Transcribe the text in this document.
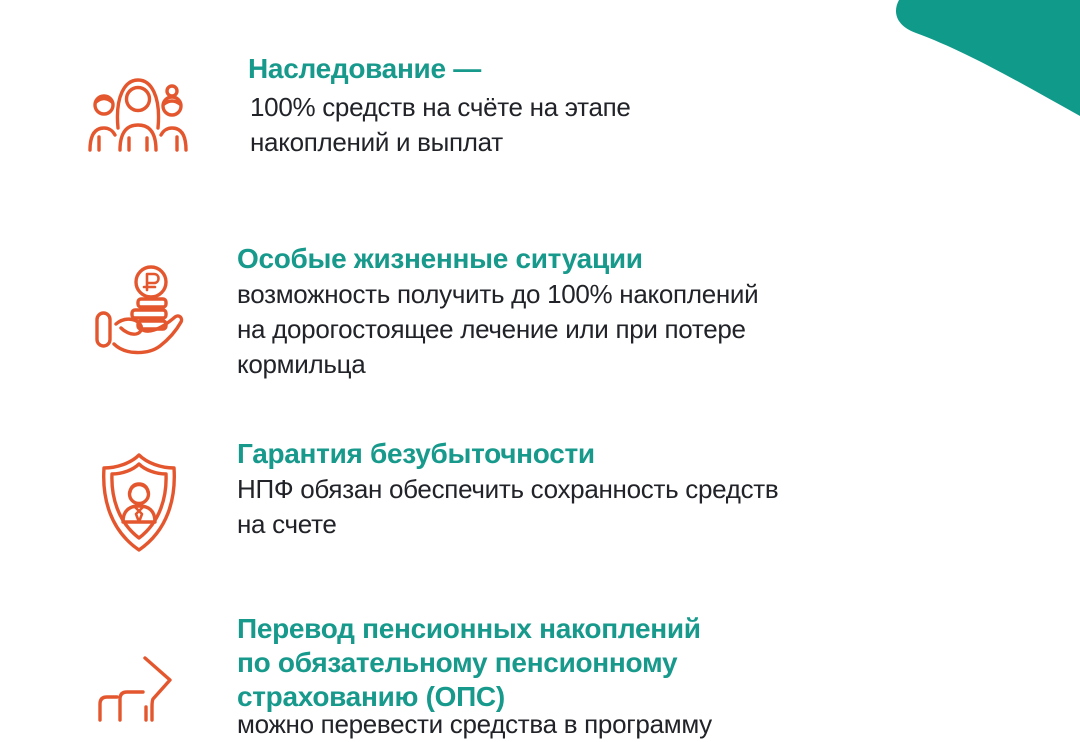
Наследование —

100% средств на счёте на этапе
накоплений и выплат

Особые жизненные ситуации

возможность получить до 100% накоплений
на дорогостоящее лечение или при потере
кормильца

Гарантия безубыточности

НПФ обязан обеспечить сохранность средств
на счете

Перевод пенсионных накоплений
по обязательному пенсионному
страхованию (ОПС)

можно перевести средства в программу
